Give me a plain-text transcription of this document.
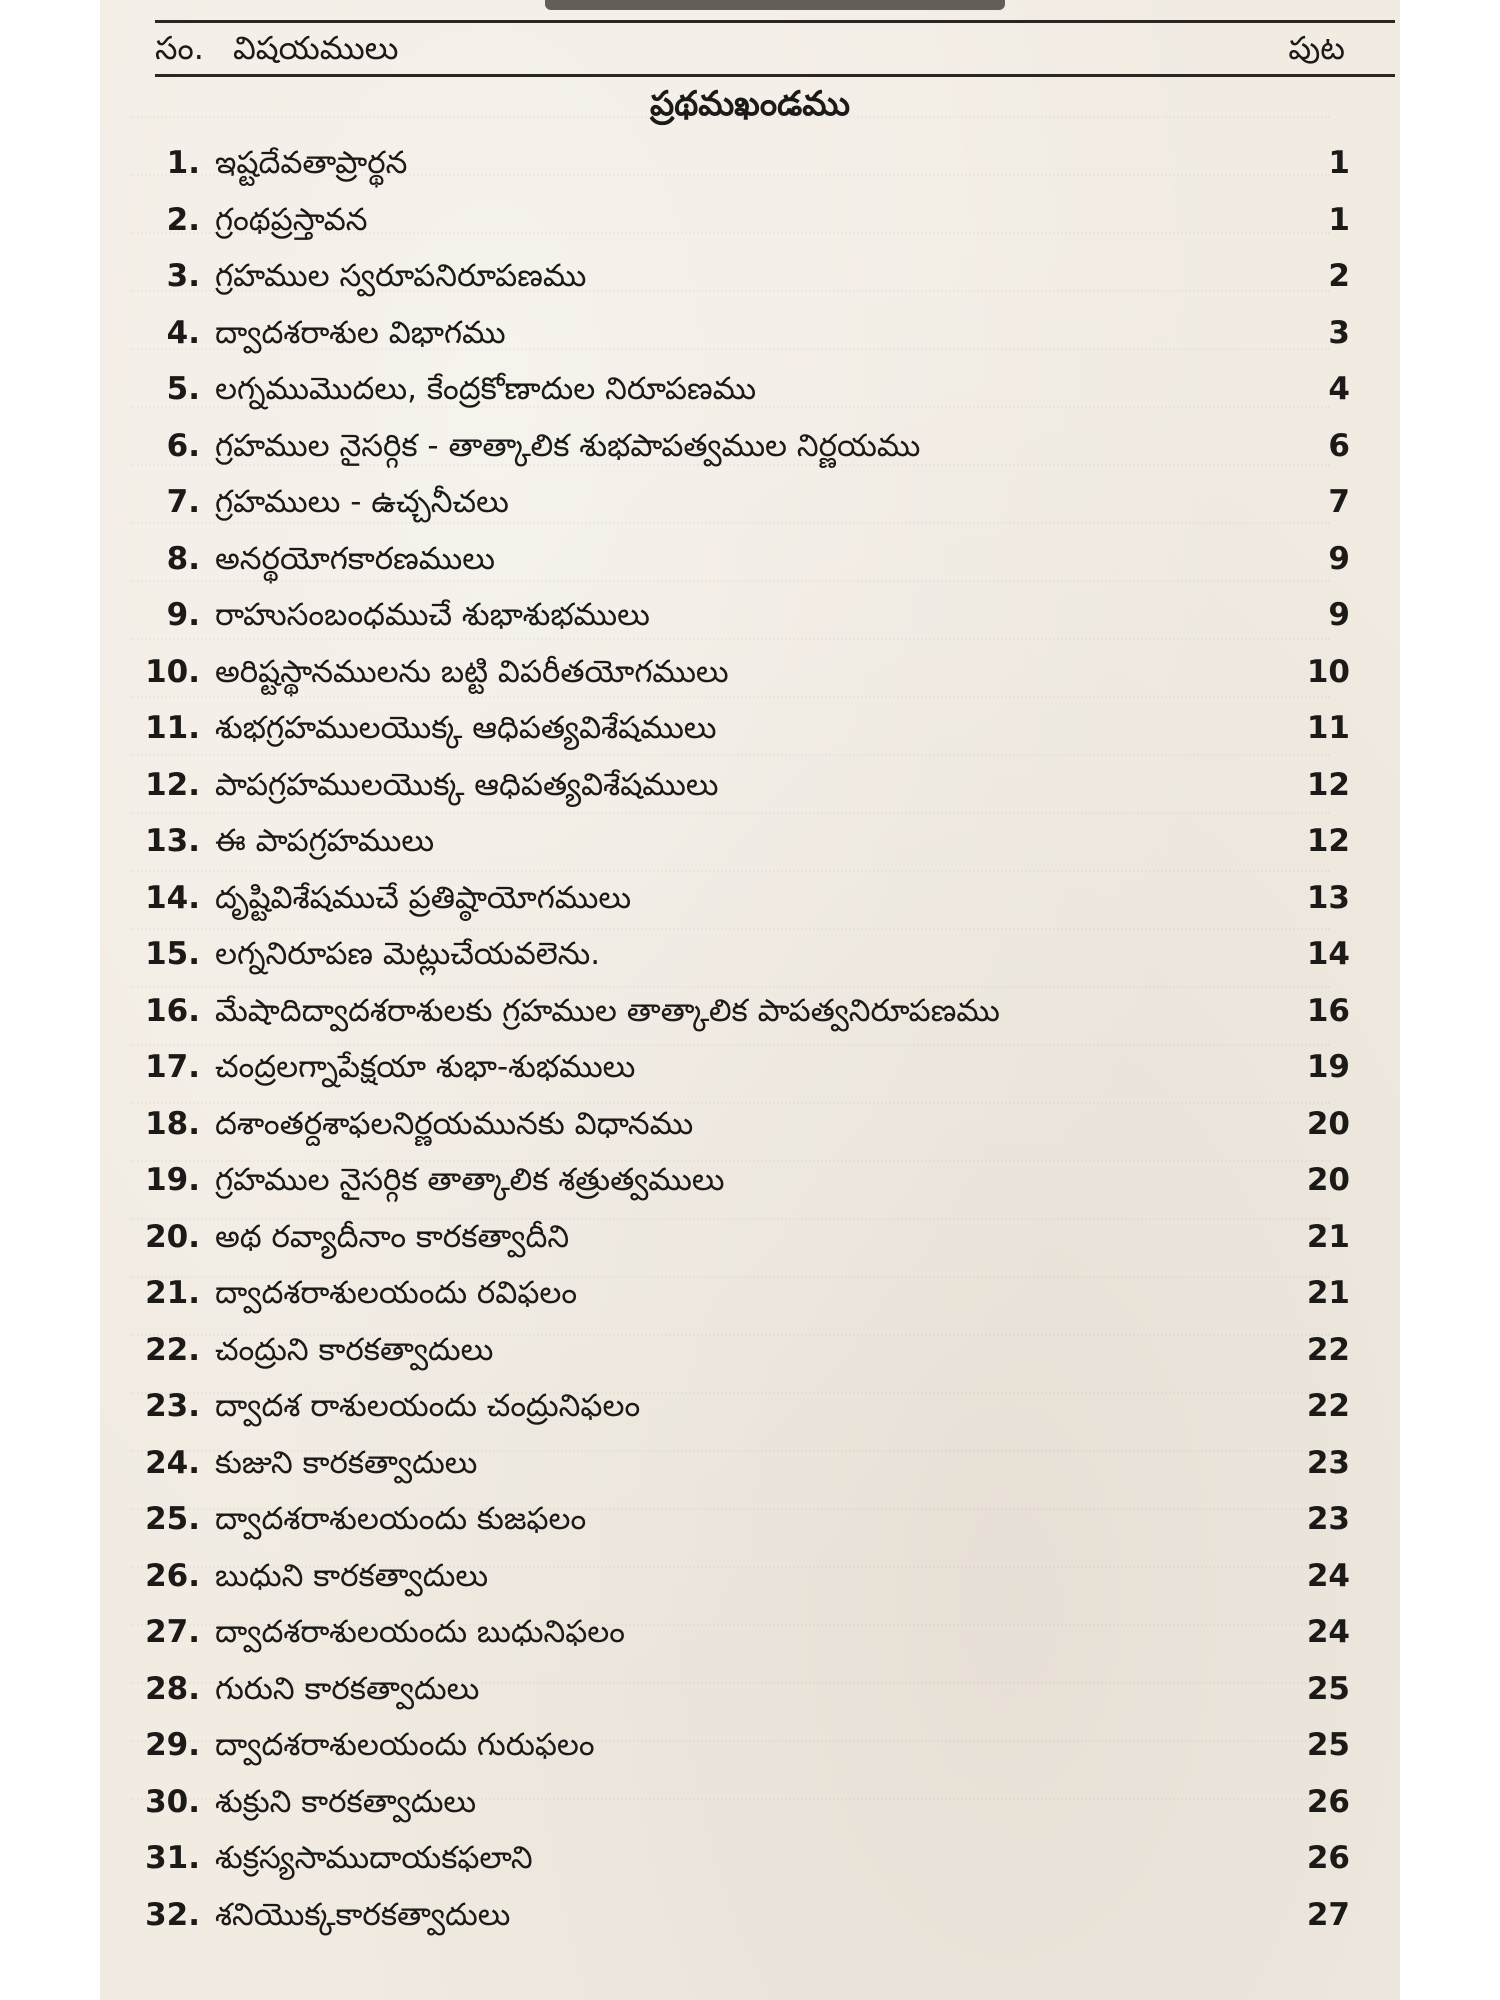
సం. విషయములు	పుట
ప్రథమఖండము
1. ఇష్టదేవతాప్రార్థన	1
2. గ్రంథప్రస్తావన	1
3. గ్రహముల స్వరూపనిరూపణము	2
4. ద్వాదశరాశుల విభాగము	3
5. లగ్నముమొదలు, కేంద్రకోణాదుల నిరూపణము	4
6. గ్రహముల నైసర్గిక - తాత్కాలిక శుభపాపత్వముల నిర్ణయము	6
7. గ్రహములు - ఉచ్చనీచలు	7
8. అనర్థయోగకారణములు	9
9. రాహుసంబంధముచే శుభాశుభములు	9
10. అరిష్టస్థానములను బట్టి విపరీతయోగములు	10
11. శుభగ్రహములయొక్క ఆధిపత్యవిశేషములు	11
12. పాపగ్రహములయొక్క ఆధిపత్యవిశేషములు	12
13. ఈ పాపగ్రహములు	12
14. దృష్టివిశేషముచే ప్రతిష్ఠాయోగములు	13
15. లగ్ననిరూపణ మెట్లుచేయవలెను.	14
16. మేషాదిద్వాదశరాశులకు గ్రహముల తాత్కాలిక పాపత్వనిరూపణము	16
17. చంద్రలగ్నాపేక్షయా శుభా-శుభములు	19
18. దశాంతర్దశాఫలనిర్ణయమునకు విధానము	20
19. గ్రహముల నైసర్గిక తాత్కాలిక శత్రుత్వములు	20
20. అథ రవ్యాదీనాం కారకత్వాదీని	21
21. ద్వాదశరాశులయందు రవిఫలం	21
22. చంద్రుని కారకత్వాదులు	22
23. ద్వాదశ రాశులయందు చంద్రునిఫలం	22
24. కుజుని కారకత్వాదులు	23
25. ద్వాదశరాశులయందు కుజఫలం	23
26. బుధుని కారకత్వాదులు	24
27. ద్వాదశరాశులయందు బుధునిఫలం	24
28. గురుని కారకత్వాదులు	25
29. ద్వాదశరాశులయందు గురుఫలం	25
30. శుక్రుని కారకత్వాదులు	26
31. శుక్రస్యసాముదాయకఫలాని	26
32. శనియొక్కకారకత్వాదులు	27
